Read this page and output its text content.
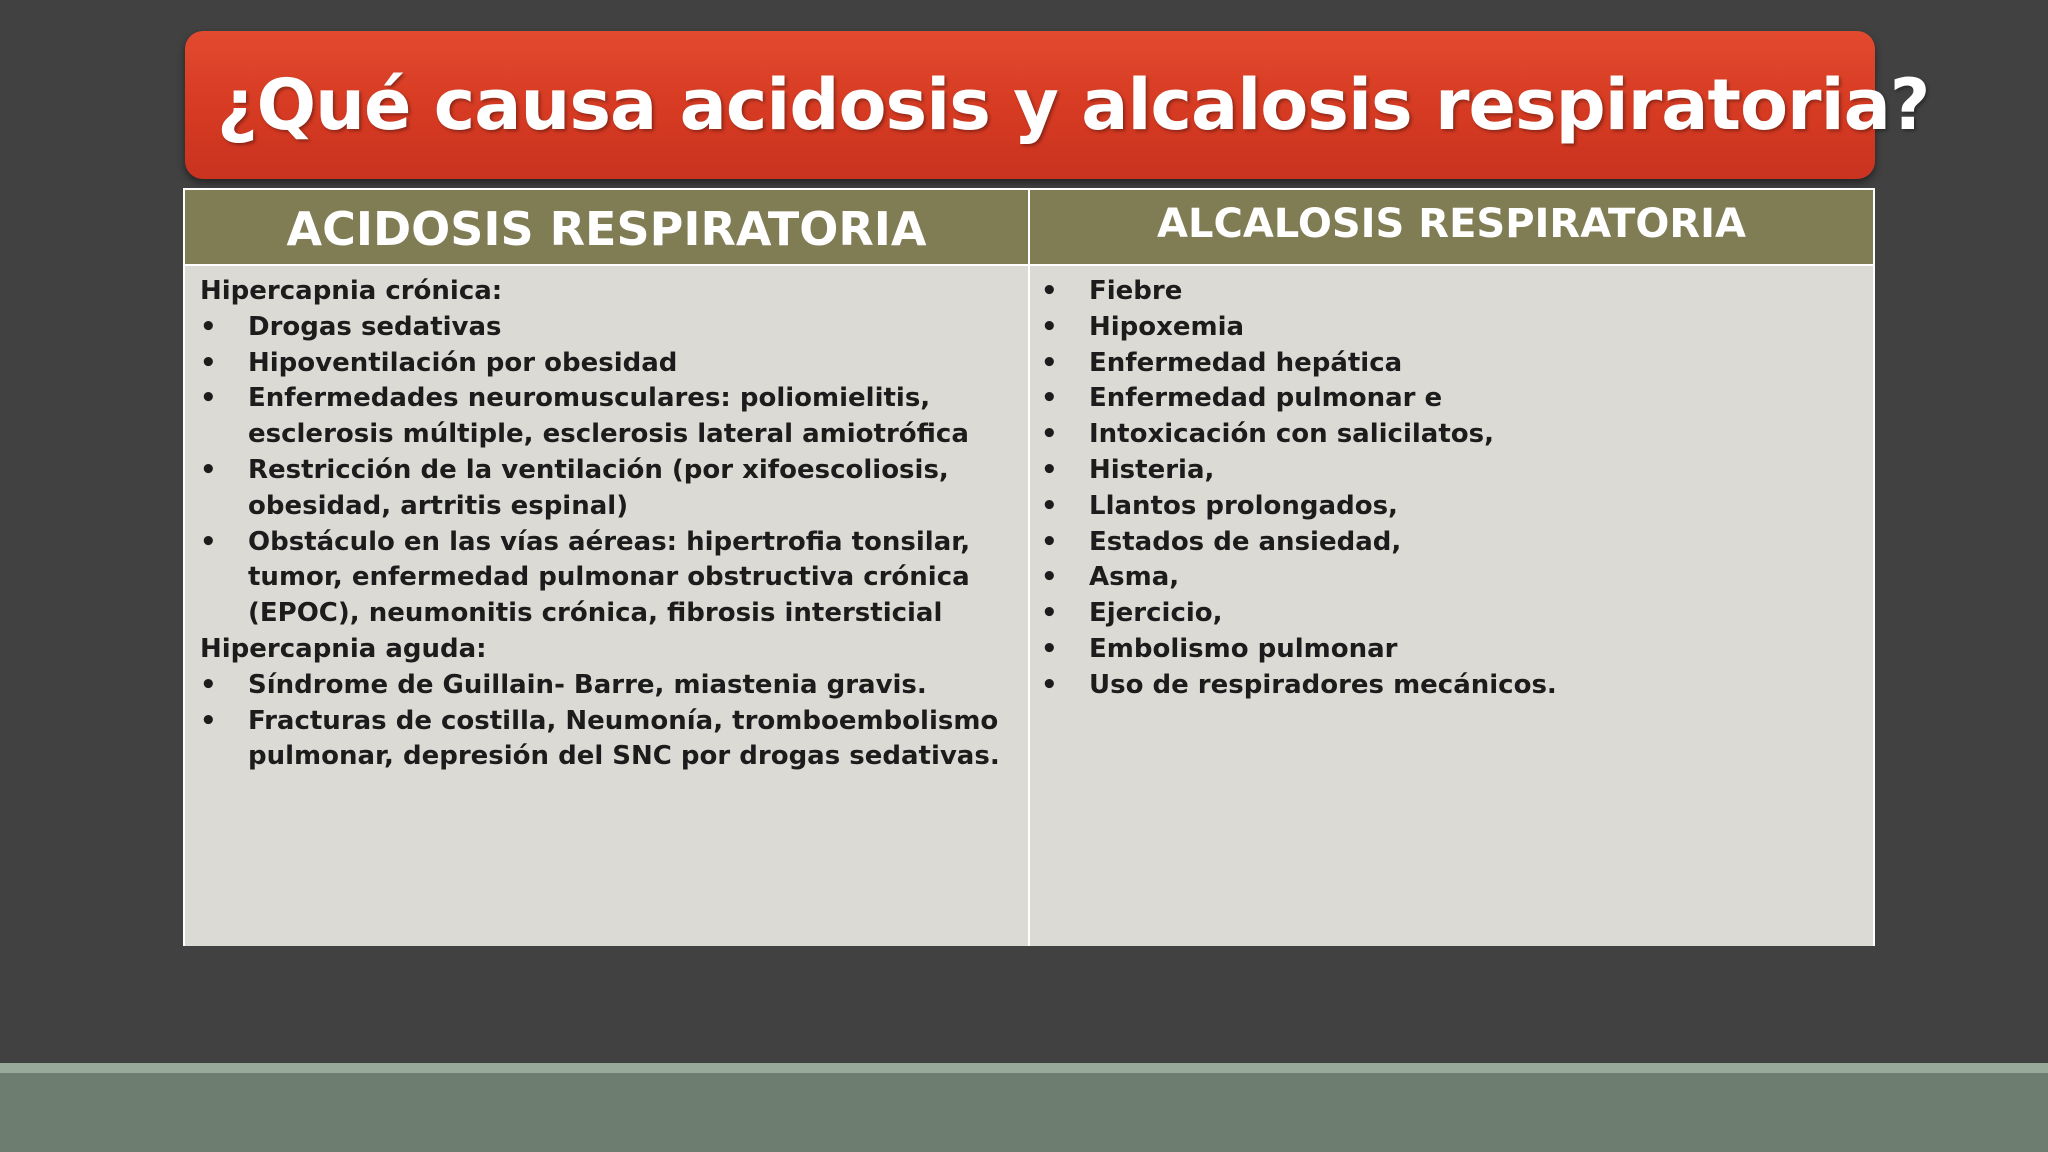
¿Qué causa acidosis y alcalosis respiratoria?
ACIDOSIS RESPIRATORIA	ALCALOSIS RESPIRATORIA

Hipercapnia crónica:

• Drogas sedativas
• Hipoventilación por obesidad
• Enfermedades neuromusculares: poliomielitis, esclerosis múltiple, esclerosis lateral amiotrófica
• Restricción de la ventilación (por xifoescoliosis, obesidad, artritis espinal)
• Obstáculo en las vías aéreas: hipertrofia tonsilar, tumor, enfermedad pulmonar obstructiva crónica (EPOC), neumonitis crónica, fibrosis intersticial

Hipercapnia aguda:

• Síndrome de Guillain- Barre, miastenia gravis.
• Fracturas de costilla, Neumonía, tromboembolismo pulmonar, depresión del SNC por drogas sedativas.
• Fiebre
• Hipoxemia
• Enfermedad hepática
• Enfermedad pulmonar e
• Intoxicación con salicilatos,
• Histeria,
• Llantos prolongados,
• Estados de ansiedad,
• Asma,
• Ejercicio,
• Embolismo pulmonar
• Uso de respiradores mecánicos.
